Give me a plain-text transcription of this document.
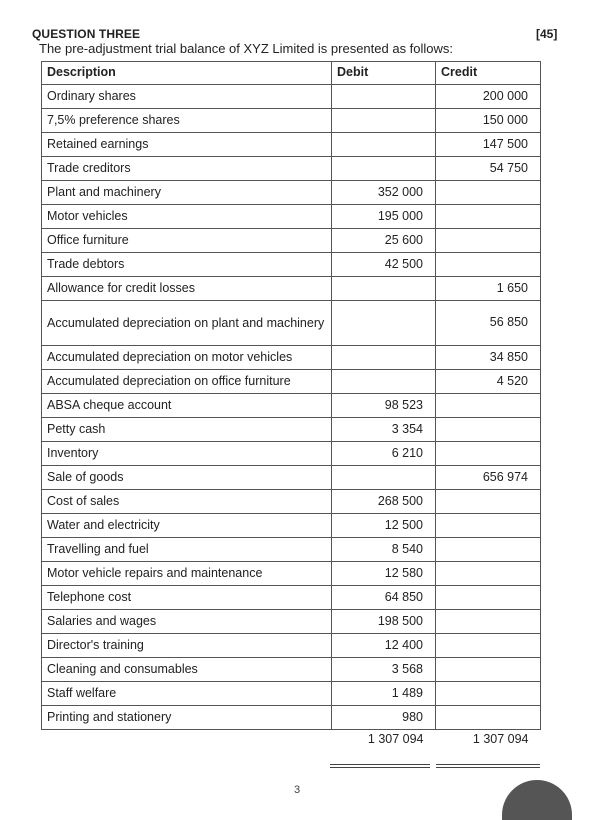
QUESTION THREE	[45]
The pre-adjustment trial balance of XYZ Limited is presented as follows:
Description	Debit	Credit
Ordinary shares		200 000
7,5% preference shares		150 000
Retained earnings		147 500
Trade creditors		54 750
Plant and machinery	352 000	
Motor vehicles	195 000	
Office furniture	25 600	
Trade debtors	42 500	
Allowance for credit losses		1 650
Accumulated depreciation on plant and machinery		56 850
Accumulated depreciation on motor vehicles		34 850
Accumulated depreciation on office furniture		4 520
ABSA cheque account	98 523	
Petty cash	3 354	
Inventory	6 210	
Sale of goods		656 974
Cost of sales	268 500	
Water and electricity	12 500	
Travelling and fuel	8 540	
Motor vehicle repairs and maintenance	12 580	
Telephone cost	64 850	
Salaries and wages	198 500	
Director's training	12 400	
Cleaning and consumables	3 568	
Staff welfare	1 489	
Printing and stationery	980	
	1 307 094	1 307 094
3
